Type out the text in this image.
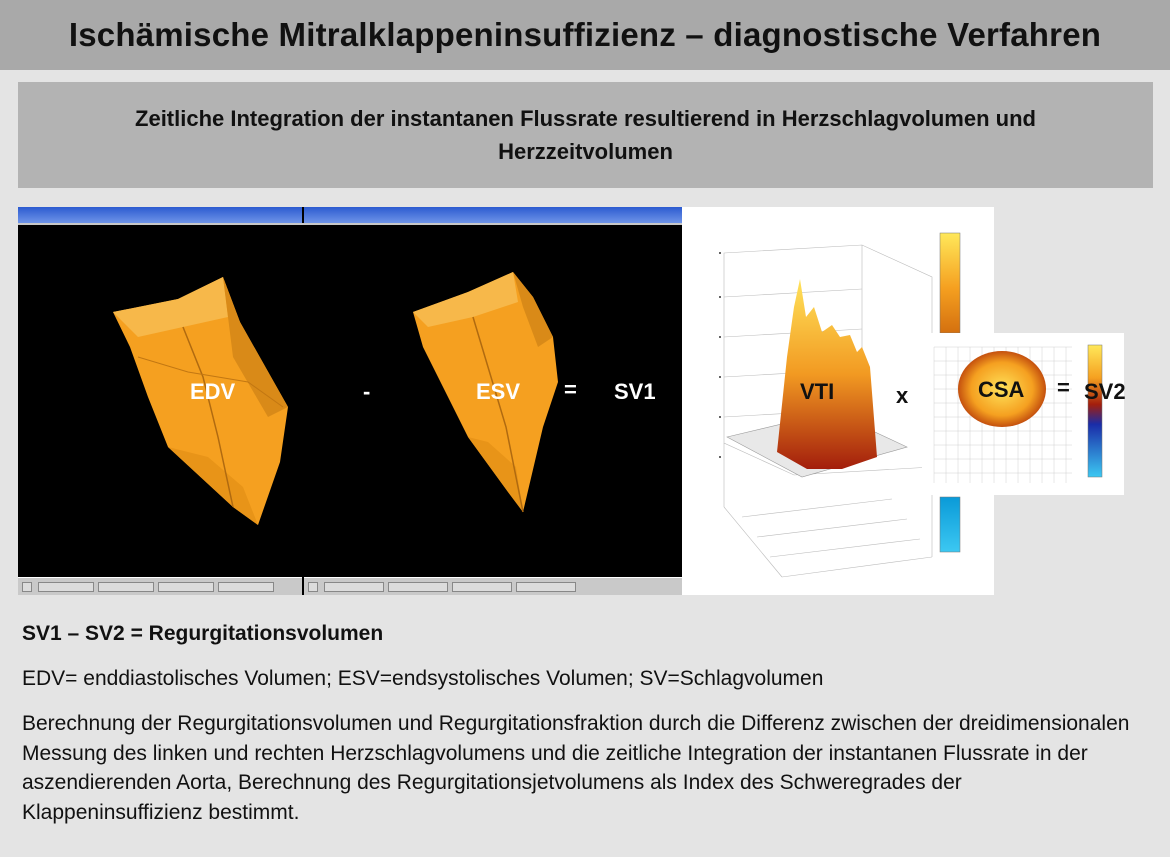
Ischämische Mitralklappeninsuffizienz – diagnostische Verfahren

Zeitliche Integration der instantanen Flussrate resultierend in Herzschlagvolumen und Herzzeitvolumen

EDV	-	ESV = SV1	VTI	x	CSA = SV2
SV1 – SV2 = Regurgitationsvolumen
EDV= enddiastolisches Volumen; ESV=endsystolisches Volumen; SV=Schlagvolumen
Berechnung der Regurgitationsvolumen und Regurgitationsfraktion durch die Differenz zwischen der dreidimensionalen Messung des linken und rechten Herzschlagvolumens und die zeitliche Integration der instantanen Flussrate in der aszendierenden Aorta, Berechnung des Regurgitationsjetvolumens als Index des Schweregrades der Klappeninsuffizienz bestimmt.
